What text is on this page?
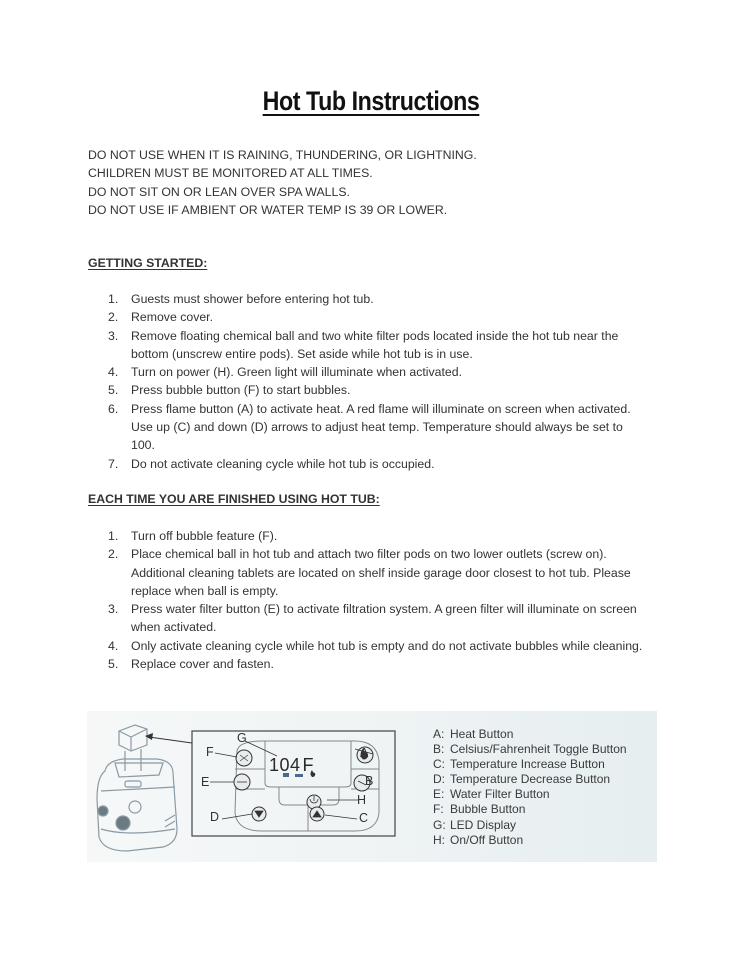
Hot Tub Instructions
DO NOT USE WHEN IT IS RAINING, THUNDERING, OR LIGHTNING.
CHILDREN MUST BE MONITORED AT ALL TIMES.
DO NOT SIT ON OR LEAN OVER SPA WALLS.
DO NOT USE IF AMBIENT OR WATER TEMP IS 39 OR LOWER.
GETTING STARTED:
1. Guests must shower before entering hot tub.
2. Remove cover.
3. Remove floating chemical ball and two white filter pods located inside the hot tub near the bottom (unscrew entire pods). Set aside while hot tub is in use.
4. Turn on power (H). Green light will illuminate when activated.
5. Press bubble button (F) to start bubbles.
6. Press flame button (A) to activate heat. A red flame will illuminate on screen when activated. Use up (C) and down (D) arrows to adjust heat temp. Temperature should always be set to 100.
7. Do not activate cleaning cycle while hot tub is occupied.
EACH TIME YOU ARE FINISHED USING HOT TUB:
1. Turn off bubble feature (F).
2. Place chemical ball in hot tub and attach two filter pods on two lower outlets (screw on). Additional cleaning tablets are located on shelf inside garage door closest to hot tub. Please replace when ball is empty.
3. Press water filter button (E) to activate filtration system. A green filter will illuminate on screen when activated.
4. Only activate cleaning cycle while hot tub is empty and do not activate bubbles while cleaning.
5. Replace cover and fasten.
104 F
G
F
E
D
A
B
H
C
A: Heat Button
B: Celsius/Fahrenheit Toggle Button
C: Temperature Increase Button
D: Temperature Decrease Button
E: Water Filter Button
F: Bubble Button
G: LED Display
H: On/Off Button
